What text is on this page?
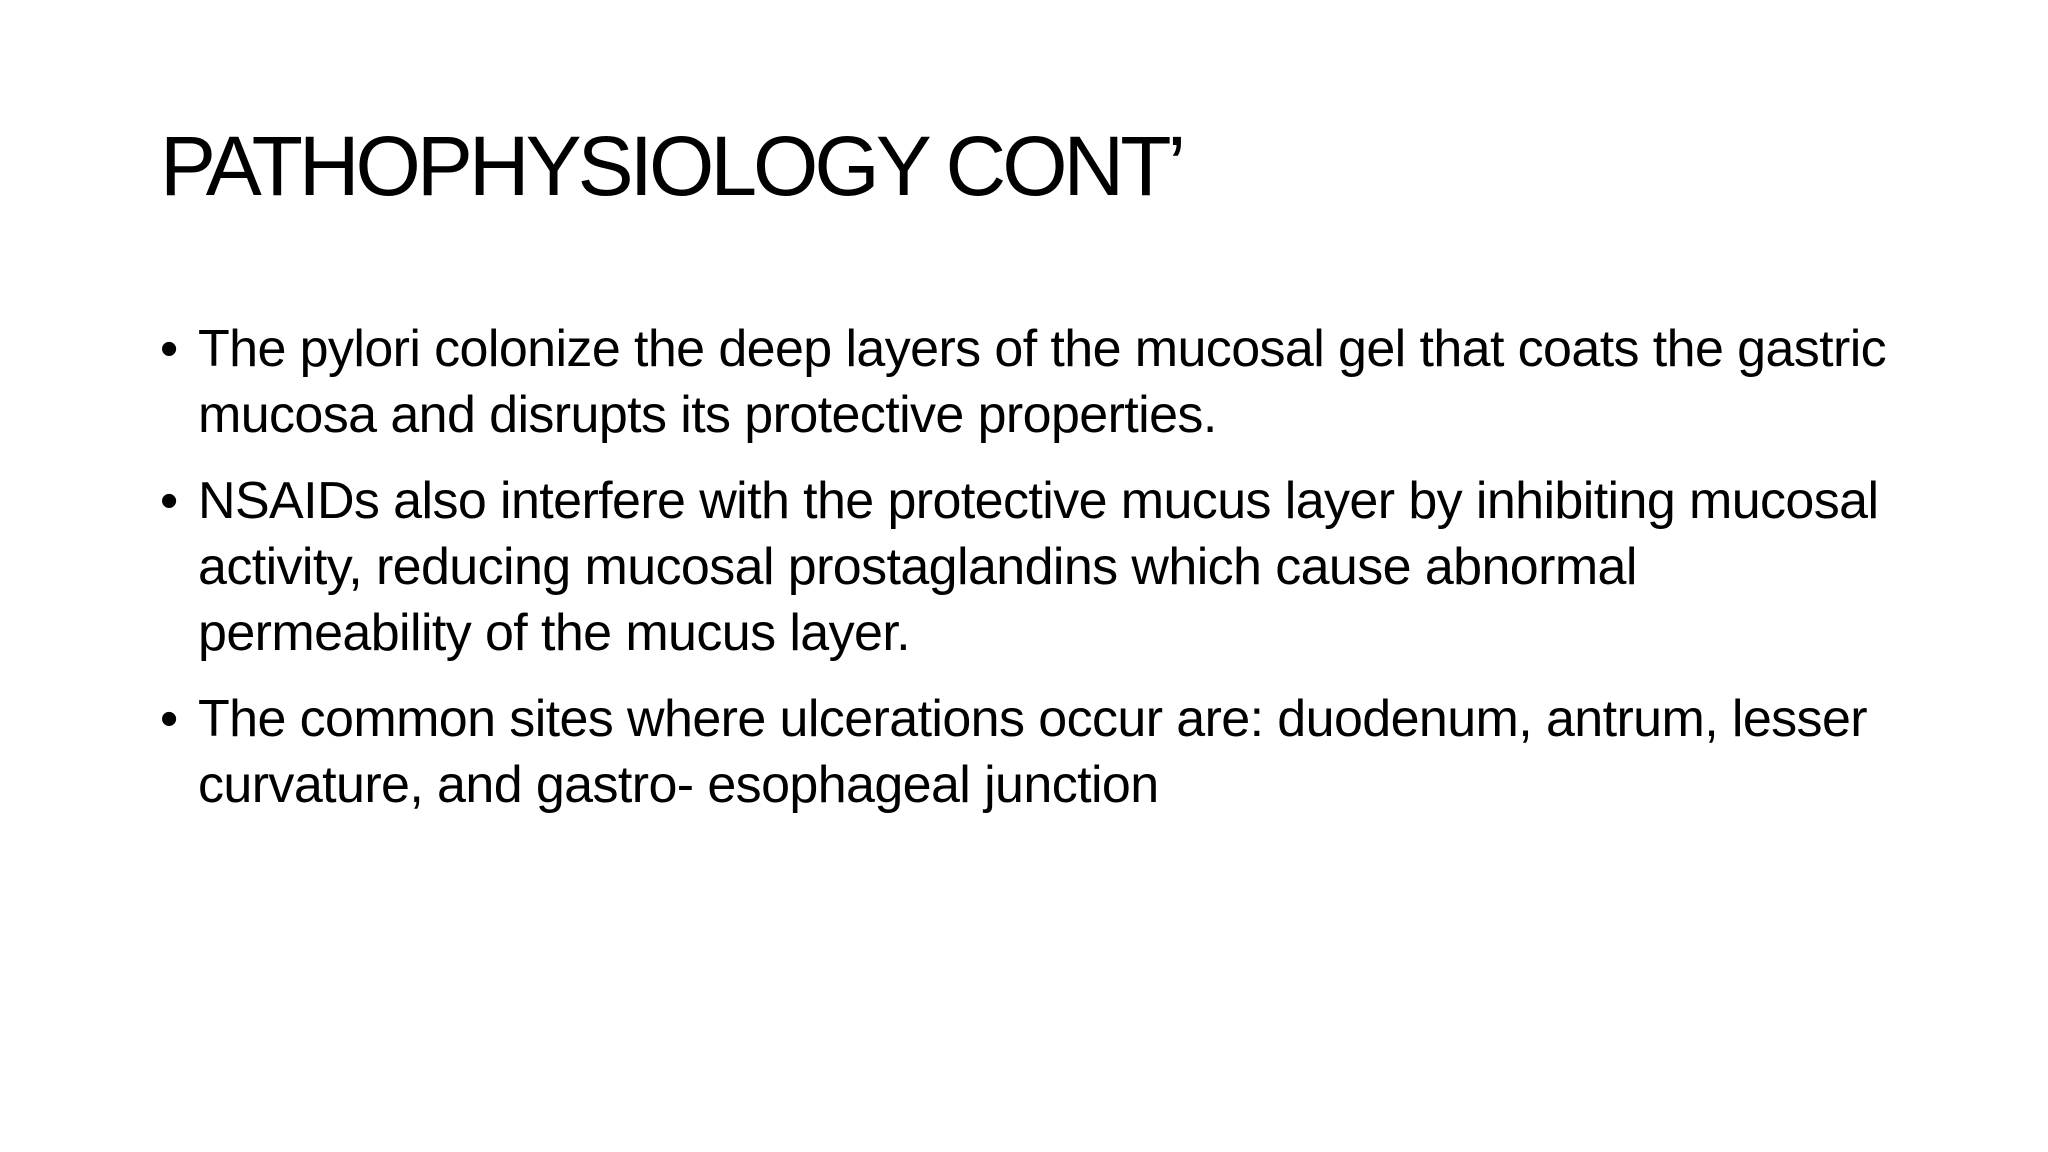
PATHOPHYSIOLOGY CONT’
• The pylori colonize the deep layers of the mucosal gel that coats the gastric mucosa and disrupts its protective properties.
• NSAIDs also interfere with the protective mucus layer by inhibiting mucosal activity, reducing mucosal prostaglandins which cause abnormal permeability of the mucus layer.
• The common sites where ulcerations occur are: duodenum, antrum, lesser curvature, and gastro- esophageal junction
